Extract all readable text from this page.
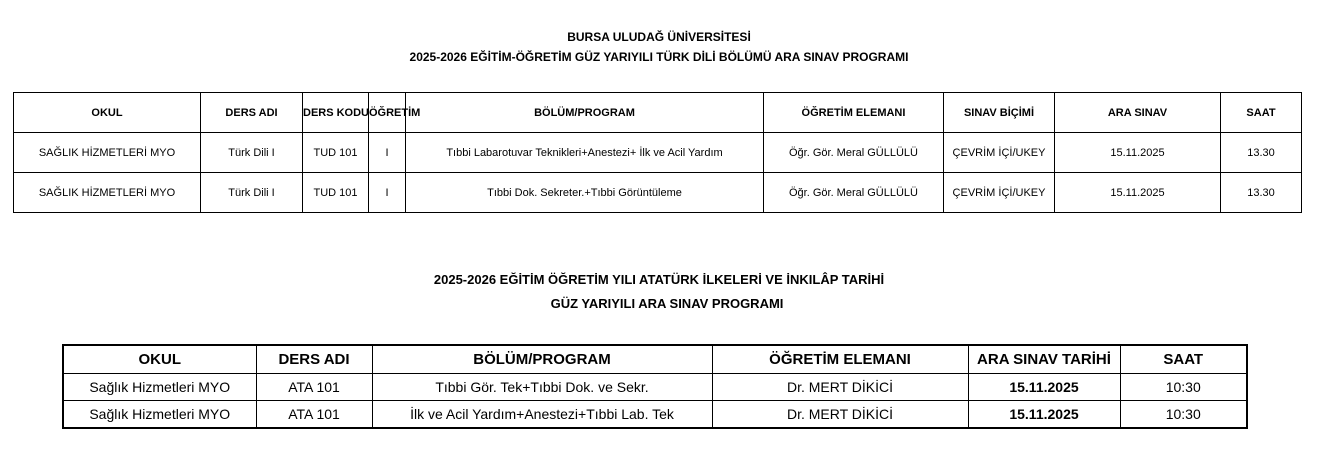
BURSA ULUDAĞ ÜNİVERSİTESİ
2025-2026 EĞİTİM-ÖĞRETİM GÜZ YARIYILI TÜRK DİLİ BÖLÜMÜ ARA SINAV PROGRAMI
OKUL	DERS ADI	DERS KODU	ÖĞRETİM	BÖLÜM/PROGRAM	ÖĞRETİM ELEMANI	SINAV BİÇİMİ	ARA SINAV	SAAT
SAĞLIK HİZMETLERİ MYO	Türk Dili I	TUD 101	I	Tıbbi Labarotuvar Teknikleri+Anestezi+ İlk ve Acil Yardım	Öğr. Gör. Meral GÜLLÜLÜ	ÇEVRİM İÇİ/UKEY	15.11.2025	13.30
SAĞLIK HİZMETLERİ MYO	Türk Dili I	TUD 101	I	Tıbbi Dok. Sekreter.+Tıbbi Görüntüleme	Öğr. Gör. Meral GÜLLÜLÜ	ÇEVRİM İÇİ/UKEY	15.11.2025	13.30
2025-2026 EĞİTİM ÖĞRETİM YILI ATATÜRK İLKELERİ VE İNKILÂP TARİHİ
GÜZ YARIYILI ARA SINAV PROGRAMI
OKUL	DERS ADI	BÖLÜM/PROGRAM	ÖĞRETİM ELEMANI	ARA SINAV TARİHİ	SAAT
Sağlık Hizmetleri MYO	ATA 101	Tıbbi Gör. Tek+Tıbbi Dok. ve Sekr.	Dr. MERT DİKİCİ	15.11.2025	10:30
Sağlık Hizmetleri MYO	ATA 101	İlk ve Acil Yardım+Anestezi+Tıbbi Lab. Tek	Dr. MERT DİKİCİ	15.11.2025	10:30
